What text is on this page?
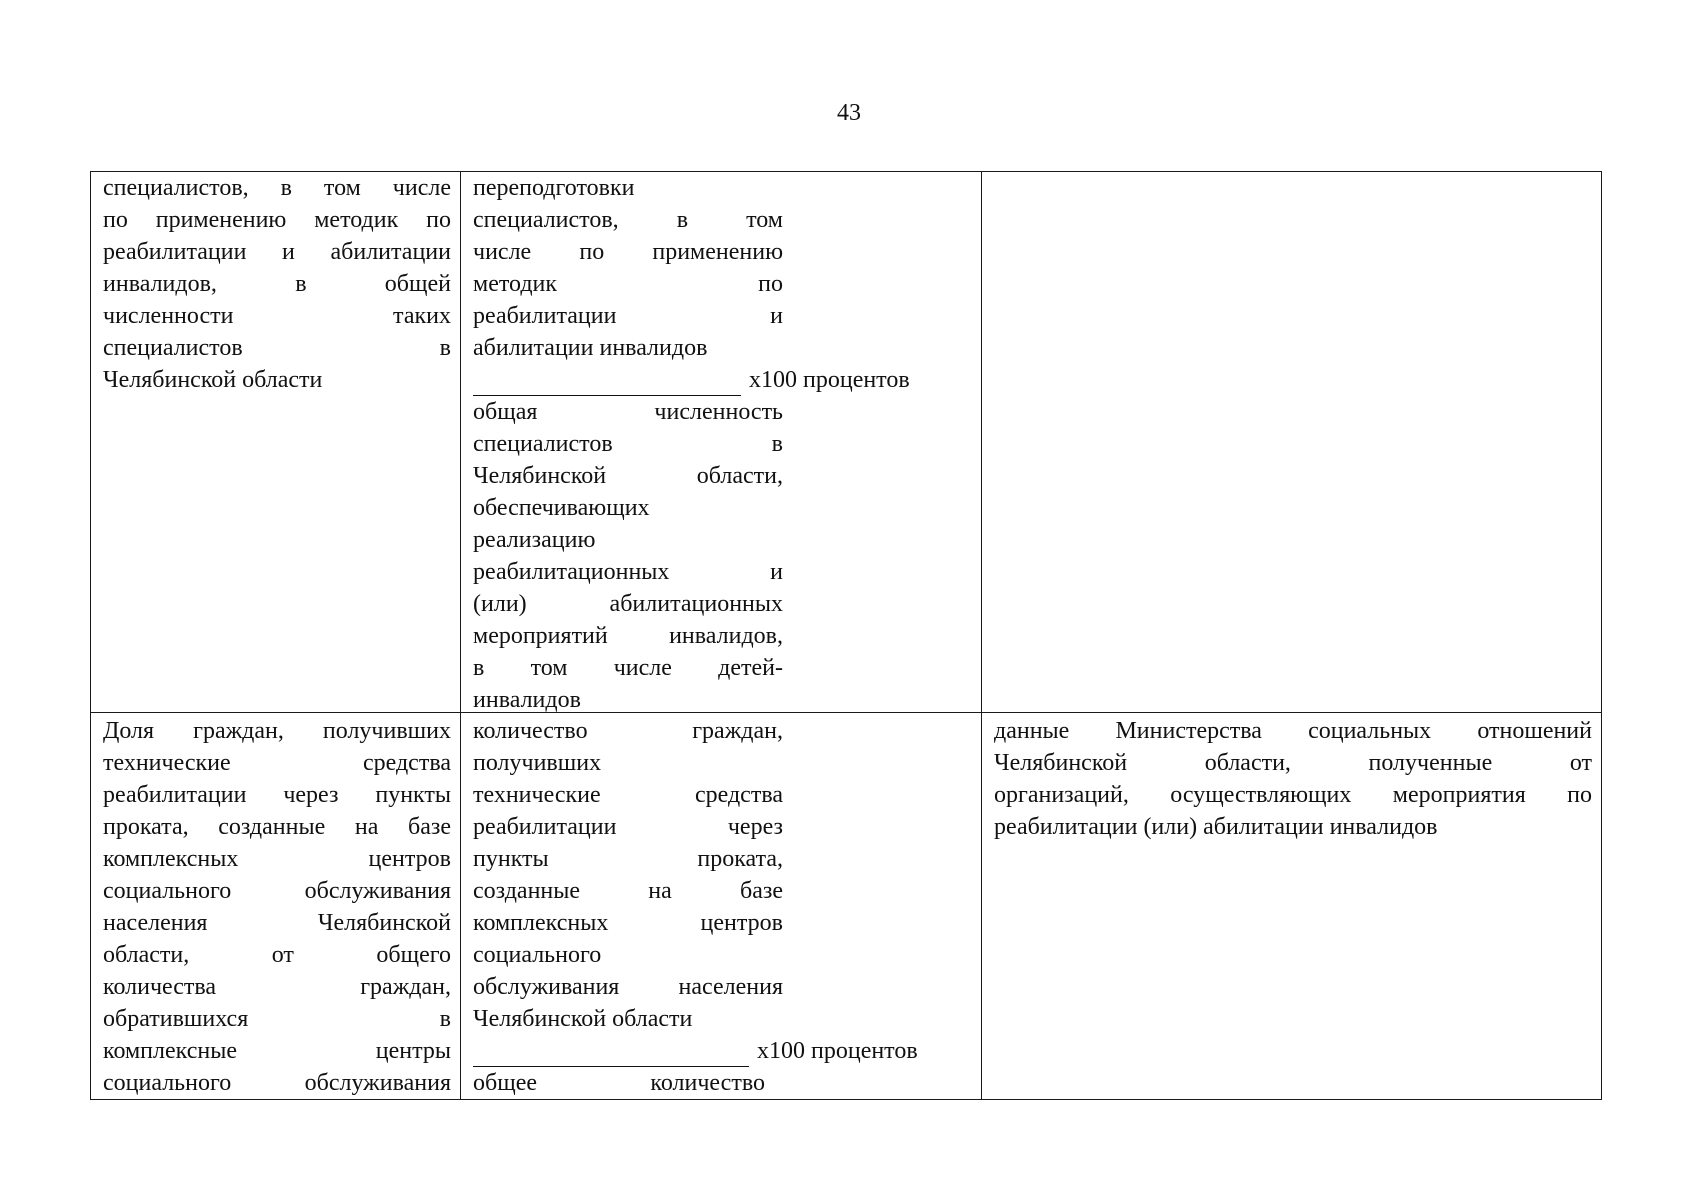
43
специалистов, в том числе
по применению методик по
реабилитации и абилитации
инвалидов, в общей
численности таких
специалистов в
Челябинской области
переподготовки
специалистов, в том
числе по применению
методик по
реабилитации и
абилитации инвалидов
х100 процентов
общая численность
специалистов в
Челябинской области,
обеспечивающих
реализацию
реабилитационных и
(или) абилитационных
мероприятий инвалидов,
в том числе детей-
инвалидов
Доля граждан, получивших
технические средства
реабилитации через пункты
проката, созданные на базе
комплексных центров
социального обслуживания
населения Челябинской
области, от общего
количества граждан,
обратившихся в
комплексные центры
социального обслуживания
количество граждан,
получивших
технические средства
реабилитации через
пункты проката,
созданные на базе
комплексных центров
социального
обслуживания населения
Челябинской области
х100 процентов
общее количество
данные Министерства социальных отношений
Челябинской области, полученные от
организаций, осуществляющих мероприятия по
реабилитации (или) абилитации инвалидов
